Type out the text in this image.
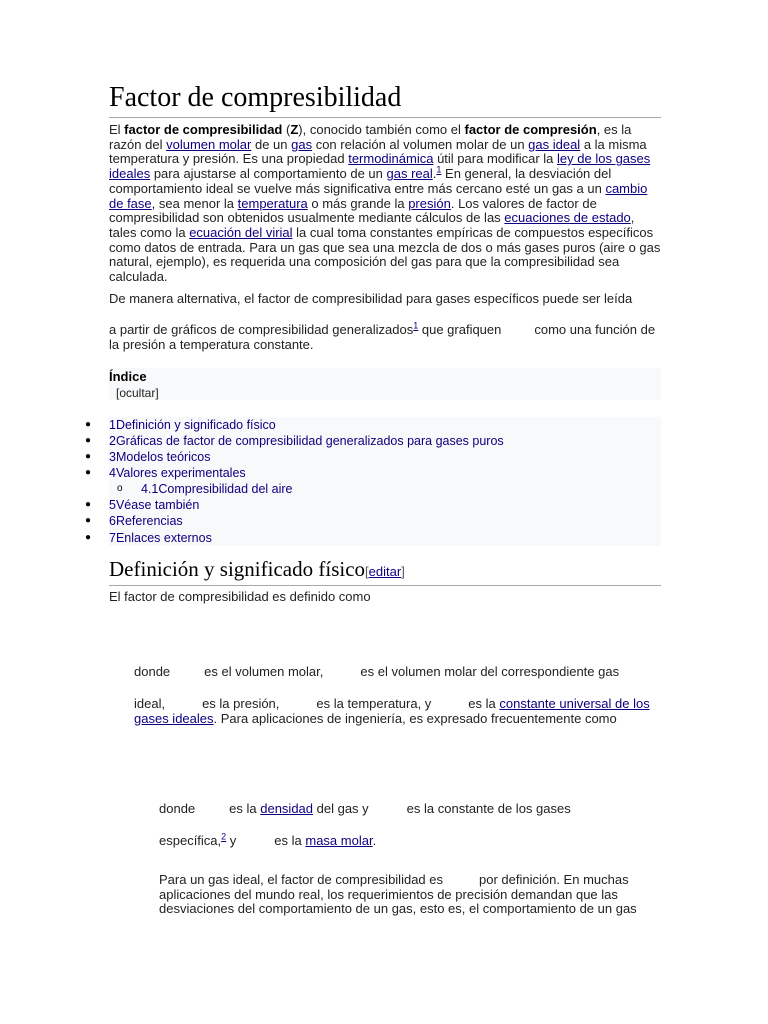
Factor de compresibilidad

El factor de compresibilidad (Z), conocido también como el factor de compresión, es la razón del volumen molar de un gas con relación al volumen molar de un gas ideal a la misma temperatura y presión. Es una propiedad termodinámica útil para modificar la ley de los gases ideales para ajustarse al comportamiento de un gas real.$^1$ En general, la desviación del comportamiento ideal se vuelve más significativa entre más cercano esté un gas a un cambio de fase, sea menor la temperatura o más grande la presión. Los valores de factor de compresibilidad son obtenidos usualmente mediante cálculos de las ecuaciones de estado, tales como la ecuación del virial la cual toma constantes empíricas de compuestos específicos como datos de entrada. Para un gas que sea una mezcla de dos o más gases puros (aire o gas natural, ejemplo), es requerida una composición del gas para que la compresibilidad sea calculada.

De manera alternativa, el factor de compresibilidad para gases específicos puede ser leída

a partir de gráficos de compresibilidad generalizados$^1$ que grafiquen	como una función de la presión a temperatura constante.

Índice
[ocultar]
● 1Definición y significado físico
● 2Gráficas de factor de compresibilidad generalizados para gases puros
● 3Modelos teóricos
● 4Valores experimentales
o 4.1Compresibilidad del aire
● 5Véase también
● 6Referencias
● 7Enlaces externos
Definición y significado físico[editar]

El factor de compresibilidad es definido como

donde	es el volumen molar,	es el volumen molar del correspondiente gas

ideal,	es la presión,	es la temperatura, y	es la constante universal de los gases ideales. Para aplicaciones de ingeniería, es expresado frecuentemente como

donde	es la densidad del gas y	es la constante de los gases

específica,$^2$ y	es la masa molar.

Para un gas ideal, el factor de compresibilidad es	por definición. En muchas aplicaciones del mundo real, los requerimientos de precisión demandan que las desviaciones del comportamiento de un gas, esto es, el comportamiento de un gas
